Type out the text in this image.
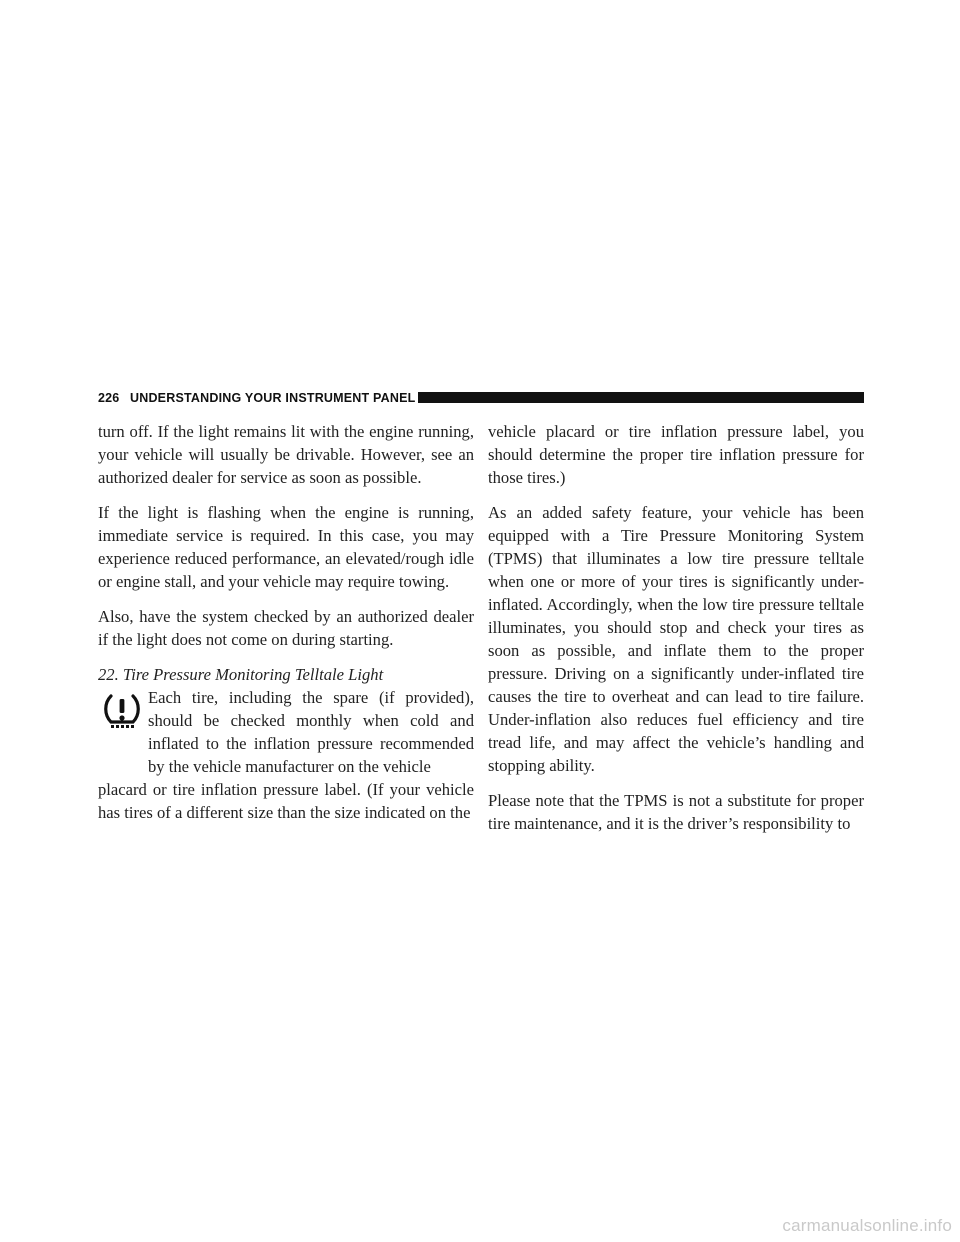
226 UNDERSTANDING YOUR INSTRUMENT PANEL

turn off. If the light remains lit with the engine running, your vehicle will usually be drivable. However, see an authorized dealer for service as soon as possible.

If the light is flashing when the engine is running, immediate service is required. In this case, you may experience reduced performance, an elevated/rough idle or engine stall, and your vehicle may require towing.

Also, have the system checked by an authorized dealer if the light does not come on during starting.

22. Tire Pressure Monitoring Telltale Light

Each tire, including the spare (if provided), should be checked monthly when cold and inflated to the inflation pressure recommended by the vehicle manufacturer on the vehicle

placard or tire inflation pressure label. (If your vehicle has tires of a different size than the size indicated on the

vehicle placard or tire inflation pressure label, you should determine the proper tire inflation pressure for those tires.)

As an added safety feature, your vehicle has been equipped with a Tire Pressure Monitoring System (TPMS) that illuminates a low tire pressure telltale when one or more of your tires is significantly under-inflated. Accordingly, when the low tire pressure telltale illuminates, you should stop and check your tires as soon as possible, and inflate them to the proper pressure. Driving on a significantly under-inflated tire causes the tire to overheat and can lead to tire failure. Under-inflation also reduces fuel efficiency and tire tread life, and may affect the vehicle’s handling and stopping ability.

Please note that the TPMS is not a substitute for proper tire maintenance, and it is the driver’s responsibility to

carmanualsonline.info
